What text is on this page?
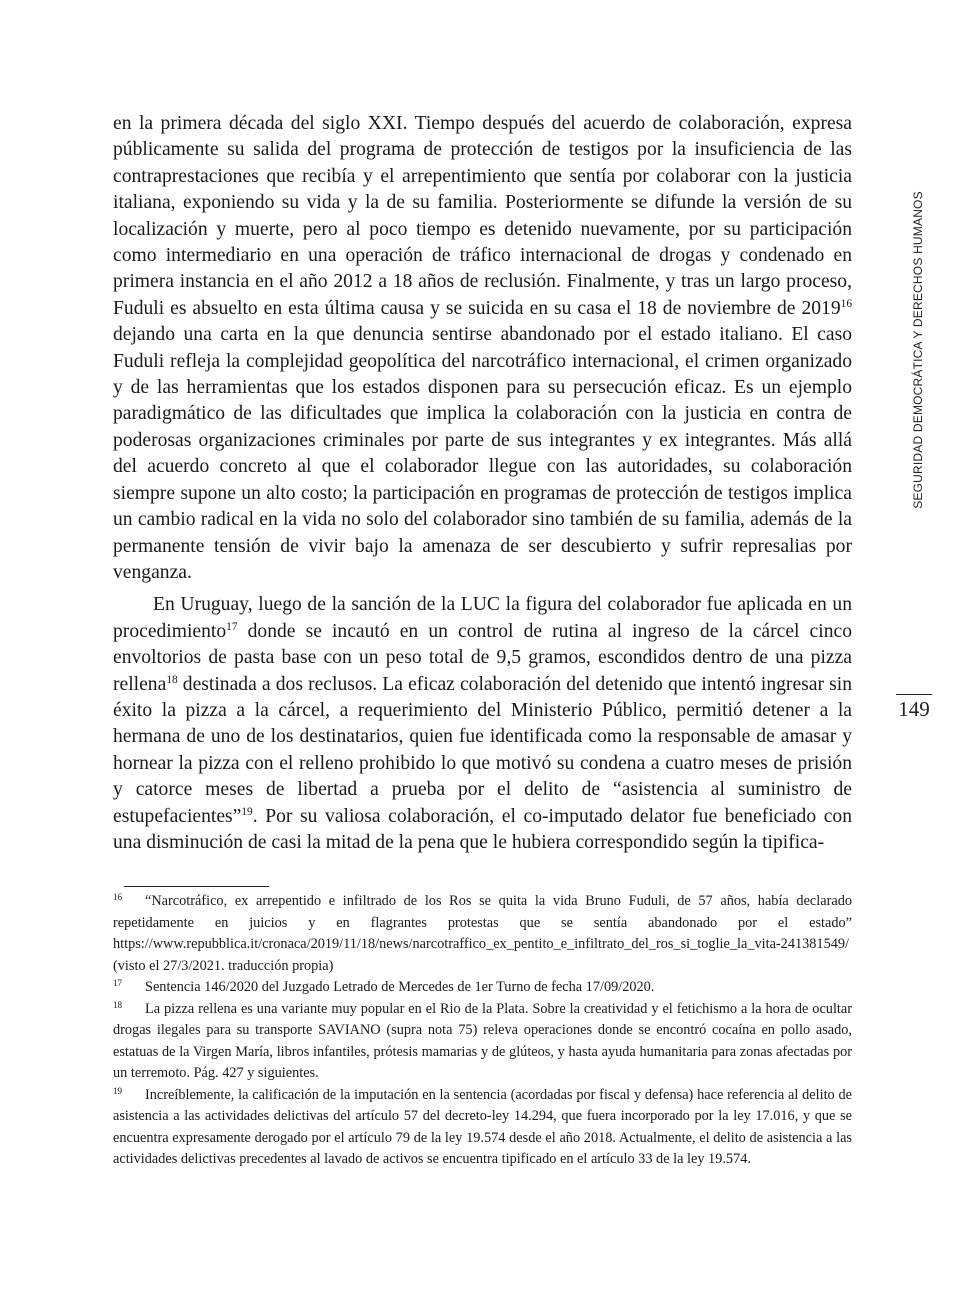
SEGURIDAD DEMOCRÁTICA Y DERECHOS HUMANOS
149

en la primera década del siglo XXI. Tiempo después del acuerdo de colaboración, expresa públicamente su salida del programa de protección de testigos por la insuficiencia de las contraprestaciones que recibía y el arrepentimiento que sentía por colaborar con la justicia italiana, exponiendo su vida y la de su familia. Posteriormente se difunde la versión de su localización y muerte, pero al poco tiempo es detenido nuevamente, por su participación como intermediario en una operación de tráfico internacional de drogas y condenado en primera instancia en el año 2012 a 18 años de reclusión. Finalmente, y tras un largo proceso, Fuduli es absuelto en esta última causa y se suicida en su casa el 18 de noviembre de 2019$^{16}$ dejando una carta en la que denuncia sentirse abandonado por el estado italiano. El caso Fuduli refleja la complejidad geopolítica del narcotráfico internacional, el crimen organizado y de las herramientas que los estados disponen para su persecución eficaz. Es un ejemplo paradigmático de las dificultades que implica la colaboración con la justicia en contra de poderosas organizaciones criminales por parte de sus integrantes y ex integrantes. Más allá del acuerdo concreto al que el colaborador llegue con las autoridades, su colaboración siempre supone un alto costo; la participación en programas de protección de testigos implica un cambio radical en la vida no solo del colaborador sino también de su familia, además de la permanente tensión de vivir bajo la amenaza de ser descubierto y sufrir represalias por venganza.

En Uruguay, luego de la sanción de la LUC la figura del colaborador fue aplicada en un procedimiento$^{17}$ donde se incautó en un control de rutina al ingreso de la cárcel cinco envoltorios de pasta base con un peso total de 9,5 gramos, escondidos dentro de una pizza rellena$^{18}$ destinada a dos reclusos. La eficaz colaboración del detenido que intentó ingresar sin éxito la pizza a la cárcel, a requerimiento del Ministerio Público, permitió detener a la hermana de uno de los destinatarios, quien fue identificada como la responsable de amasar y hornear la pizza con el relleno prohibido lo que motivó su condena a cuatro meses de prisión y catorce meses de libertad a prueba por el delito de “asistencia al suministro de estupefacientes”$^{19}$. Por su valiosa colaboración, el co-imputado delator fue beneficiado con una disminución de casi la mitad de la pena que le hubiera correspondido según la tipifica-

16 “Narcotráfico, ex arrepentido e infiltrado de los Ros se quita la vida Bruno Fuduli, de 57 años, había declarado repetidamente en juicios y en flagrantes protestas que se sentía abandonado por el estado” https://www.repubblica.it/cronaca/2019/11/18/news/narcotraffico_ex_pentito_e_infiltrato_del_ros_si_toglie_la_vita-241381549/ (visto el 27/3/2021. traducción propia)

17 Sentencia 146/2020 del Juzgado Letrado de Mercedes de 1er Turno de fecha 17/09/2020.

18 La pizza rellena es una variante muy popular en el Rio de la Plata. Sobre la creatividad y el fetichismo a la hora de ocultar drogas ilegales para su transporte SAVIANO (supra nota 75) releva operaciones donde se encontró cocaína en pollo asado, estatuas de la Virgen María, libros infantiles, prótesis mamarias y de glúteos, y hasta ayuda humanitaria para zonas afectadas por un terremoto. Pág. 427 y siguientes.

19 Increíblemente, la calificación de la imputación en la sentencia (acordadas por fiscal y defensa) hace referencia al delito de asistencia a las actividades delictivas del artículo 57 del decreto-ley 14.294, que fuera incorporado por la ley 17.016, y que se encuentra expresamente derogado por el artículo 79 de la ley 19.574 desde el año 2018. Actualmente, el delito de asistencia a las actividades delictivas precedentes al lavado de activos se encuentra tipificado en el artículo 33 de la ley 19.574.
